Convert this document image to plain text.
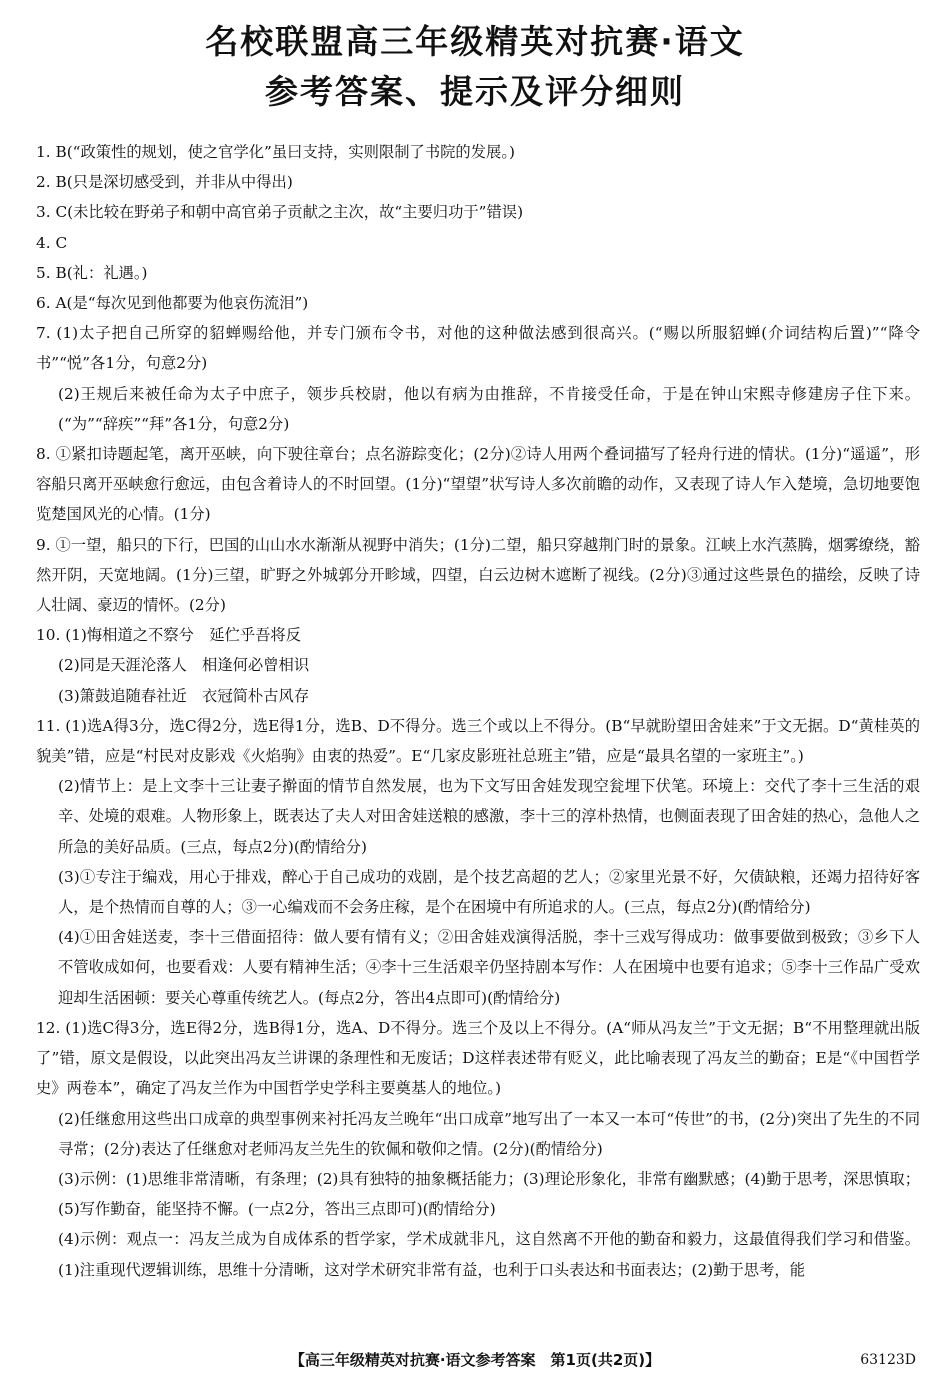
名校联盟高三年级精英对抗赛·语文
参考答案、提示及评分细则

1. B(“政策性的规划，使之官学化”虽曰支持，实则限制了书院的发展。)

2. B(只是深切感受到，并非从中得出)

3. C(未比较在野弟子和朝中高官弟子贡献之主次，故“主要归功于”错误)

4. C

5. B(礼：礼遇。)

6. A(是“每次见到他都要为他哀伤流泪”)

7. (1)太子把自己所穿的貂蝉赐给他，并专门颁布令书，对他的这种做法感到很高兴。(“赐以所服貂蝉(介词结构后置)”“降令书”“悦”各1分，句意2分)

(2)王规后来被任命为太子中庶子，领步兵校尉，他以有病为由推辞，不肯接受任命，于是在钟山宋熙寺修建房子住下来。(“为”“辞疾”“拜”各1分，句意2分)

8. ①紧扣诗题起笔，离开巫峡，向下驶往章台；点名游踪变化；(2分)②诗人用两个叠词描写了轻舟行进的情状。(1分)“遥遥”，形容船只离开巫峡愈行愈远，由包含着诗人的不时回望。(1分)“望望”状写诗人多次前瞻的动作，又表现了诗人乍入楚境，急切地要饱览楚国风光的心情。(1分)

9. ①一望，船只的下行，巴国的山山水水渐渐从视野中消失；(1分)二望，船只穿越荆门时的景象。江峡上水汽蒸腾，烟雾缭绕，豁然开阴，天宽地阔。(1分)三望，旷野之外城郭分开畛域，四望，白云边树木遮断了视线。(2分)③通过这些景色的描绘，反映了诗人壮阔、豪迈的情怀。(2分)

10. (1)悔相道之不察兮　延伫乎吾将反

(2)同是天涯沦落人　相逢何必曾相识

(3)箫鼓追随春社近　衣冠简朴古风存

11. (1)选A得3分，选C得2分，选E得1分，选B、D不得分。选三个或以上不得分。(B“早就盼望田舍娃来”于文无据。D“黄桂英的貌美”错，应是“村民对皮影戏《火焰驹》由衷的热爱”。E“几家皮影班社总班主”错，应是“最具名望的一家班主”。)

(2)情节上：是上文李十三让妻子擀面的情节自然发展，也为下文写田舍娃发现空瓮埋下伏笔。环境上：交代了李十三生活的艰辛、处境的艰难。人物形象上，既表达了夫人对田舍娃送粮的感激，李十三的淳朴热情，也侧面表现了田舍娃的热心，急他人之所急的美好品质。(三点，每点2分)(酌情给分)

(3)①专注于编戏，用心于排戏，醉心于自己成功的戏剧，是个技艺高超的艺人；②家里光景不好，欠债缺粮，还竭力招待好客人，是个热情而自尊的人；③一心编戏而不会务庄稼，是个在困境中有所追求的人。(三点，每点2分)(酌情给分)

(4)①田舍娃送麦，李十三借面招待：做人要有情有义；②田舍娃戏演得活脱，李十三戏写得成功：做事要做到极致；③乡下人不管收成如何，也要看戏：人要有精神生活；④李十三生活艰辛仍坚持剧本写作：人在困境中也要有追求；⑤李十三作品广受欢迎却生活困顿：要关心尊重传统艺人。(每点2分，答出4点即可)(酌情给分)

12. (1)选C得3分，选E得2分，选B得1分，选A、D不得分。选三个及以上不得分。(A“师从冯友兰”于文无据；B“不用整理就出版了”错，原文是假设，以此突出冯友兰讲课的条理性和无废话；D这样表述带有贬义，此比喻表现了冯友兰的勤奋；E是“《中国哲学史》两卷本”，确定了冯友兰作为中国哲学史学科主要奠基人的地位。)

(2)任继愈用这些出口成章的典型事例来衬托冯友兰晚年“出口成章”地写出了一本又一本可“传世”的书，(2分)突出了先生的不同寻常；(2分)表达了任继愈对老师冯友兰先生的钦佩和敬仰之情。(2分)(酌情给分)

(3)示例：(1)思维非常清晰，有条理；(2)具有独特的抽象概括能力；(3)理论形象化，非常有幽默感；(4)勤于思考，深思慎取；(5)写作勤奋，能坚持不懈。(一点2分，答出三点即可)(酌情给分)

(4)示例：观点一：冯友兰成为自成体系的哲学家，学术成就非凡，这自然离不开他的勤奋和毅力，这最值得我们学习和借鉴。(1)注重现代逻辑训练，思维十分清晰，这对学术研究非常有益，也利于口头表达和书面表达；(2)勤于思考，能

【高三年级精英对抗赛·语文参考答案　第1页(共2页)】	63123D
